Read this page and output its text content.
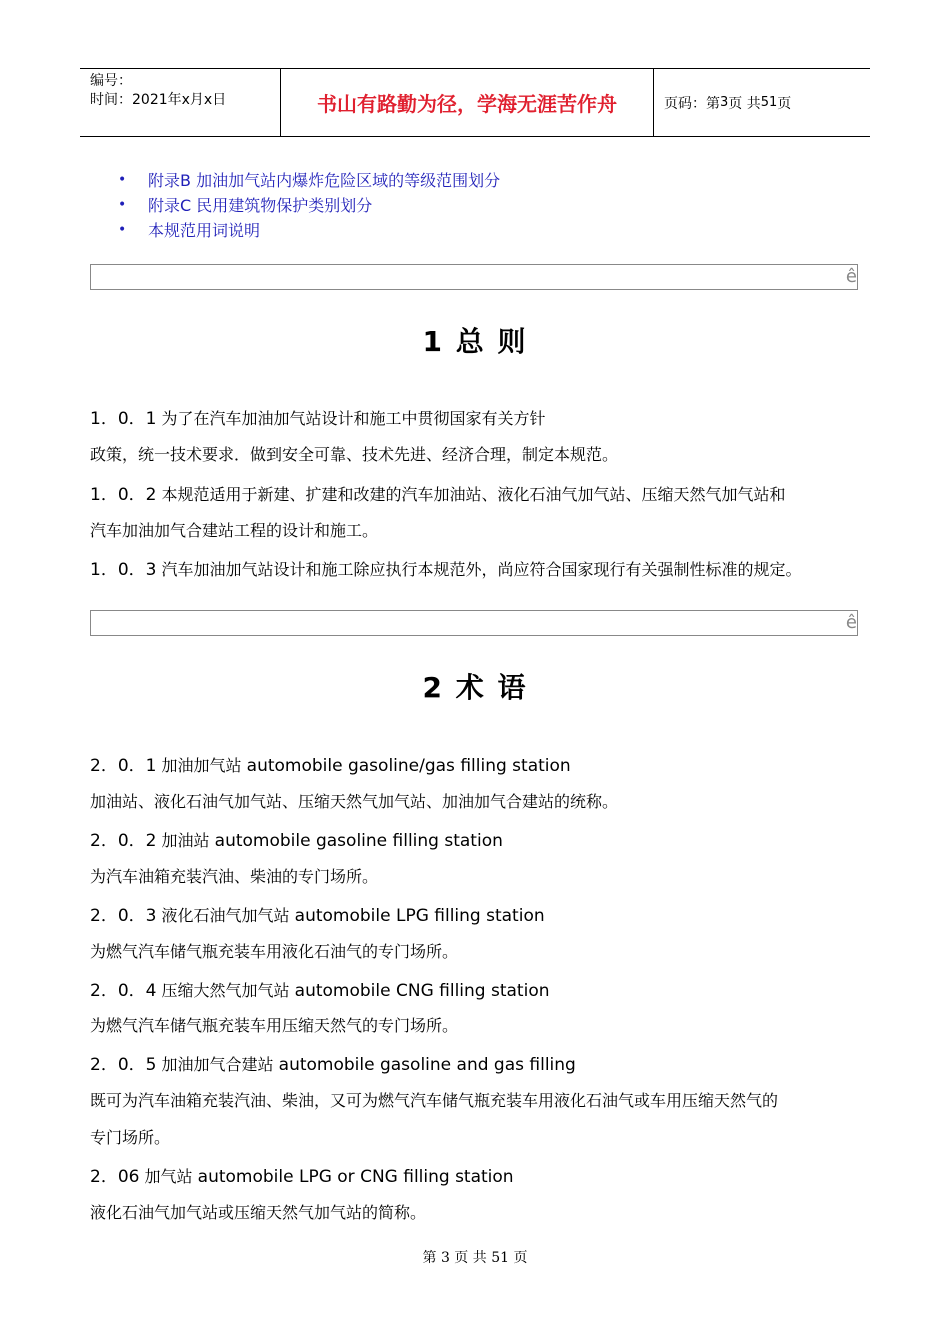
编号：
时间：2021年x月x日	书山有路勤为径，学海无涯苦作舟	页码：第 3 页 共 51 页
• 附录B 加油加气站内爆炸危险区域的等级范围划分
• 附录C 民用建筑物保护类别划分
• 本规范用词说明
ê
1 总 则
1．0．1 为了在汽车加油加气站设计和施工中贯彻国家有关方针
政策，统一技术要求．做到安全可靠、技术先进、经济合理，制定本规范。
1．0．2 本规范适用于新建、扩建和改建的汽车加油站、液化石油气加气站、压缩天然气加气站和
汽车加油加气合建站工程的设计和施工。
1．0．3 汽车加油加气站设计和施工除应执行本规范外，尚应符合国家现行有关强制性标准的规定。
ê
2 术 语
2．0．1 加油加气站 automobile gasoline/gas filling station
加油站、液化石油气加气站、压缩天然气加气站、加油加气合建站的统称。
2．0．2 加油站 automobile gasoline filling station
为汽车油箱充装汽油、柴油的专门场所。
2．0．3 液化石油气加气站 automobile LPG filling station
为燃气汽车储气瓶充装车用液化石油气的专门场所。
2．0．4 压缩大然气加气站 automobile CNG filling station
为燃气汽车储气瓶充装车用压缩天然气的专门场所。
2．0．5 加油加气合建站 automobile gasoline and gas filling
既可为汽车油箱充装汽油、柴油，又可为燃气汽车储气瓶充装车用液化石油气或车用压缩天然气的
专门场所。
2．06 加气站 automobile LPG or CNG filling station
液化石油气加气站或压缩天然气加气站的简称。
第 3 页 共 51 页
